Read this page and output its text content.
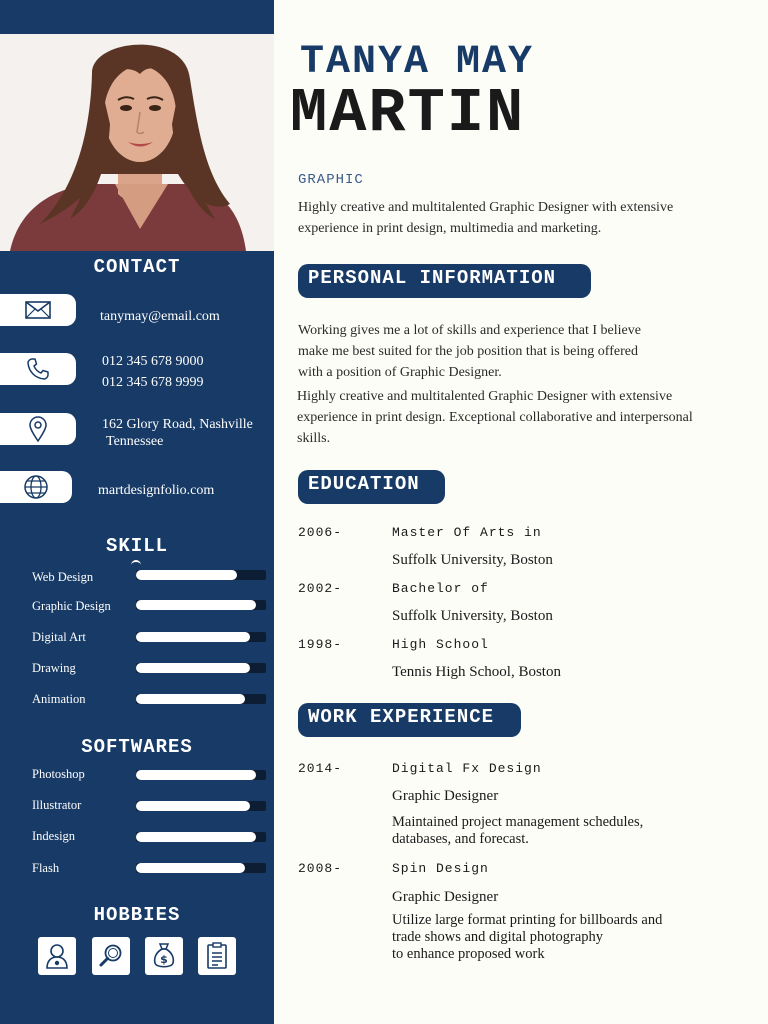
CONTACT
tanymay@email.com
012 345 678 9000
012 345 678 9999
162 Glory Road, Nashville
Tennessee
martdesignfolio.com
SKILL
Web Design
Graphic Design
Digital Art
Drawing
Animation
SOFTWARES
Photoshop
Illustrator
Indesign
Flash
HOBBIES
$
TANYA MAY
MARTIN
GRAPHIC
Highly creative and multitalented Graphic Designer with extensive experience in print design, multimedia and marketing.
PERSONAL INFORMATION
Working gives me a lot of skills and experience that I believe
make me best suited for the job position that is being offered
with a position of Graphic Designer.
Highly creative and multitalented Graphic Designer with extensive experience in print design. Exceptional collaborative and interpersonal skills.
EDUCATION
2006-	Master Of Arts in
Suffolk University, Boston
2002-	Bachelor of
Suffolk University, Boston
1998-	High School
Tennis High School, Boston
WORK EXPERIENCE
2014-	Digital Fx Design
Graphic Designer
Maintained project management schedules,
databases, and forecast.
2008-	Spin Design
Graphic Designer
Utilize large format printing for billboards and
trade shows and digital photography
to enhance proposed work
